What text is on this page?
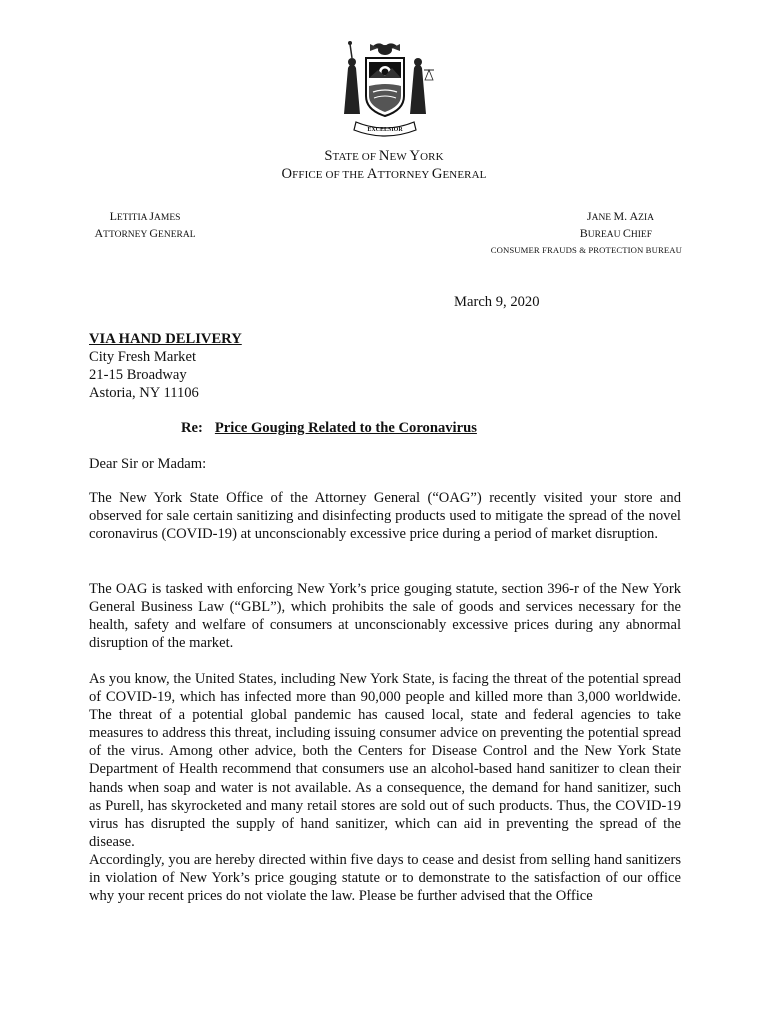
EXCELSIOR
STATE OF NEW YORK
OFFICE OF THE ATTORNEY GENERAL
LETITIA JAMES
ATTORNEY GENERAL
JANE M. AZIA
BUREAU CHIEF
CONSUMER FRAUDS & PROTECTION BUREAU
March 9, 2020
VIA HAND DELIVERY
City Fresh Market
21-15 Broadway
Astoria, NY 11106
Re: Price Gouging Related to the Coronavirus
Dear Sir or Madam:

The New York State Office of the Attorney General (“OAG”) recently visited your store and observed for sale certain sanitizing and disinfecting products used to mitigate the spread of the novel coronavirus (COVID-19) at unconscionably excessive price during a period of market disruption.

The OAG is tasked with enforcing New York’s price gouging statute, section 396-r of the New York General Business Law (“GBL”), which prohibits the sale of goods and services necessary for the health, safety and welfare of consumers at unconscionably excessive prices during any abnormal disruption of the market.

As you know, the United States, including New York State, is facing the threat of the potential spread of COVID-19, which has infected more than 90,000 people and killed more than 3,000 worldwide. The threat of a potential global pandemic has caused local, state and federal agencies to take measures to address this threat, including issuing consumer advice on preventing the potential spread of the virus. Among other advice, both the Centers for Disease Control and the New York State Department of Health recommend that consumers use an alcohol-based hand sanitizer to clean their hands when soap and water is not available. As a consequence, the demand for hand sanitizer, such as Purell, has skyrocketed and many retail stores are sold out of such products. Thus, the COVID-19 virus has disrupted the supply of hand sanitizer, which can aid in preventing the spread of the disease.

Accordingly, you are hereby directed within five days to cease and desist from selling hand sanitizers in violation of New York’s price gouging statute or to demonstrate to the satisfaction of our office why your recent prices do not violate the law. Please be further advised that the Office
